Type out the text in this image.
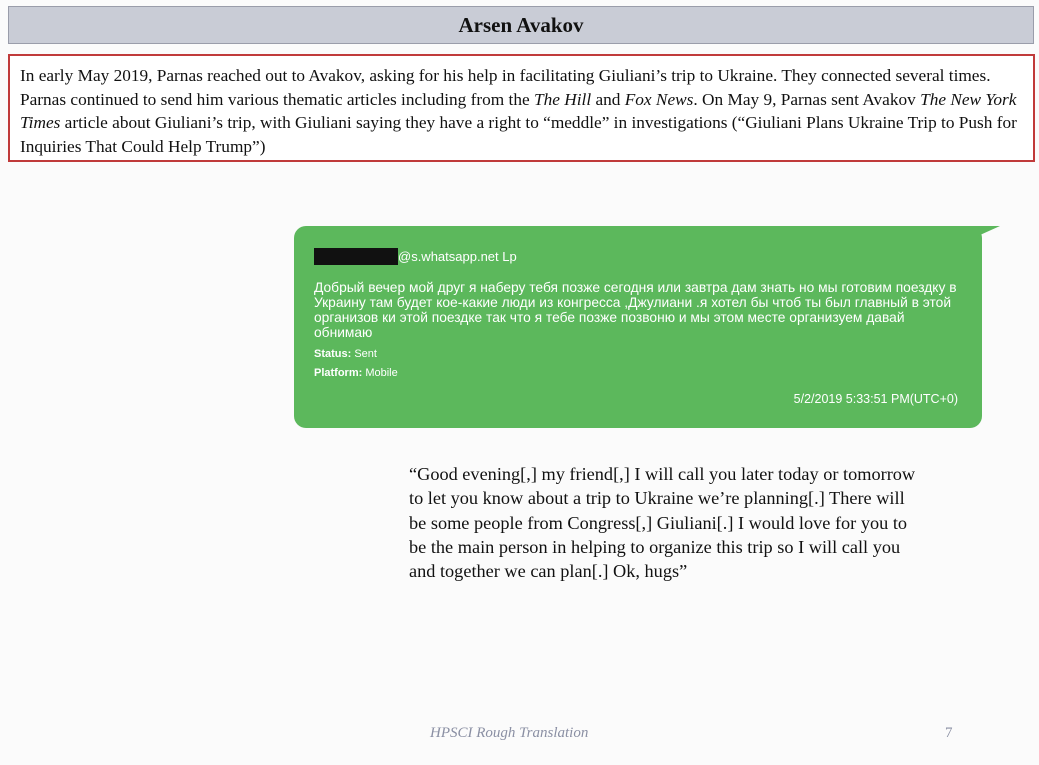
Arsen Avakov

In early May 2019, Parnas reached out to Avakov, asking for his help in facilitating Giuliani’s trip to Ukraine. They connected several times. Parnas continued to send him various thematic articles including from the The Hill and Fox News. On May 9, Parnas sent Avakov The New York Times article about Giuliani’s trip, with Giuliani saying they have a right to “meddle” in investigations (“Giuliani Plans Ukraine Trip to Push for Inquiries That Could Help Trump”)

@s.whatsapp.net Lp
Добрый вечер мой друг я наберу тебя позже сегодня или завтра дам знать но мы готовим поездку в Украину там будет кое-какие люди из конгресса ,Джулиани .я хотел бы чтоб ты был главный в этой организов ки этой поездке так что я тебе позже позвоню и мы этом месте организуем давай обнимаю
Status: Sent
Platform: Mobile
5/2/2019 5:33:51 PM(UTC+0)
“Good evening[,] my friend[,] I will call you later today or tomorrow to let you know about a trip to Ukraine we’re planning[.] There will be some people from Congress[,] Giuliani[.] I would love for you to be the main person in helping to organize this trip so I will call you and together we can plan[.] Ok, hugs”
HPSCI Rough Translation	7
